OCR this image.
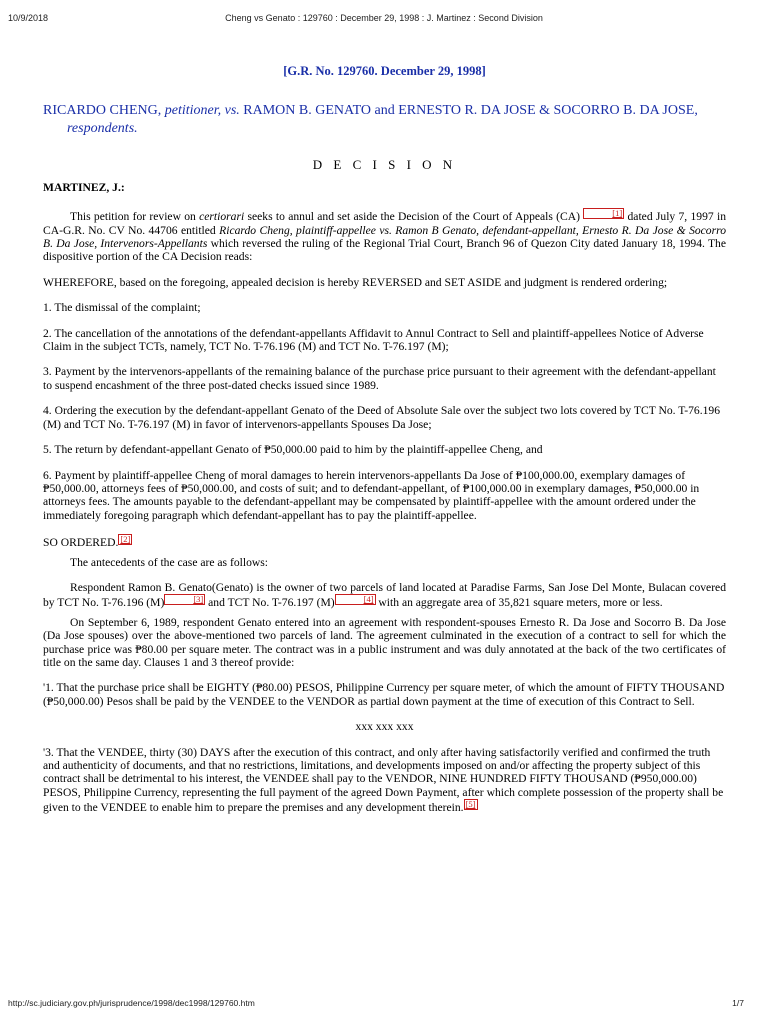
10/9/2018	Cheng vs Genato : 129760 : December 29, 1998 : J. Martinez : Second Division

[G.R. No. 129760. December 29, 1998]

RICARDO CHENG, petitioner, vs. RAMON B. GENATO and ERNESTO R. DA JOSE & SOCORRO B. DA JOSE, respondents.

D E C I S I O N

MARTINEZ, J.:

This petition for review on certiorari seeks to annul and set aside the Decision of the Court of Appeals (CA)	[1] dated July 7, 1997 in CA-G.R. No. CV No. 44706 entitled Ricardo Cheng, plaintiff-appellee vs. Ramon B Genato, defendant-appellant, Ernesto R. Da Jose & Socorro B. Da Jose, Intervenors-Appellants which reversed the ruling of the Regional Trial Court, Branch 96 of Quezon City dated January 18, 1994. The dispositive portion of the CA Decision reads:

WHEREFORE, based on the foregoing, appealed decision is hereby REVERSED and SET ASIDE and judgment is rendered ordering;

1. The dismissal of the complaint;

2. The cancellation of the annotations of the defendant-appellants Affidavit to Annul Contract to Sell and plaintiff-appellees Notice of Adverse Claim in the subject TCTs, namely, TCT No. T-76.196 (M) and TCT No. T-76.197 (M);

3. Payment by the intervenors-appellants of the remaining balance of the purchase price pursuant to their agreement with the defendant-appellant to suspend encashment of the three post-dated checks issued since 1989.

4. Ordering the execution by the defendant-appellant Genato of the Deed of Absolute Sale over the subject two lots covered by TCT No. T-76.196 (M) and TCT No. T-76.197 (M) in favor of intervenors-appellants Spouses Da Jose;

5. The return by defendant-appellant Genato of ₱50,000.00 paid to him by the plaintiff-appellee Cheng, and

6. Payment by plaintiff-appellee Cheng of moral damages to herein intervenors-appellants Da Jose of ₱100,000.00, exemplary damages of ₱50,000.00, attorneys fees of ₱50,000.00, and costs of suit; and to defendant-appellant, of ₱100,000.00 in exemplary damages, ₱50,000.00 in attorneys fees. The amounts payable to the defendant-appellant may be compensated by plaintiff-appellee with the amount ordered under the immediately foregoing paragraph which defendant-appellant has to pay the plaintiff-appellee.

SO ORDERED. [2]

The antecedents of the case are as follows:

Respondent Ramon B. Genato(Genato) is the owner of two parcels of land located at Paradise Farms, San Jose Del Monte, Bulacan covered by TCT No. T-76.196 (M)	[3] and TCT No. T-76.197 (M)	[4] with an aggregate area of 35,821 square meters, more or less.

On September 6, 1989, respondent Genato entered into an agreement with respondent-spouses Ernesto R. Da Jose and Socorro B. Da Jose (Da Jose spouses) over the above-mentioned two parcels of land. The agreement culminated in the execution of a contract to sell for which the purchase price was ₱80.00 per square meter. The contract was in a public instrument and was duly annotated at the back of the two certificates of title on the same day. Clauses 1 and 3 thereof provide:

'1. That the purchase price shall be EIGHTY (₱80.00) PESOS, Philippine Currency per square meter, of which the amount of FIFTY THOUSAND (₱50,000.00) Pesos shall be paid by the VENDEE to the VENDOR as partial down payment at the time of execution of this Contract to Sell.

xxx xxx xxx

'3. That the VENDEE, thirty (30) DAYS after the execution of this contract, and only after having satisfactorily verified and confirmed the truth and authenticity of documents, and that no restrictions, limitations, and developments imposed on and/or affecting the property subject of this contract shall be detrimental to his interest, the VENDEE shall pay to the VENDOR, NINE HUNDRED FIFTY THOUSAND (₱950,000.00) PESOS, Philippine Currency, representing the full payment of the agreed Down Payment, after which complete possession of the property shall be given to the VENDEE to enable him to prepare the premises and any development therein. [5]

http://sc.judiciary.gov.ph/jurisprudence/1998/dec1998/129760.htm	1/7
